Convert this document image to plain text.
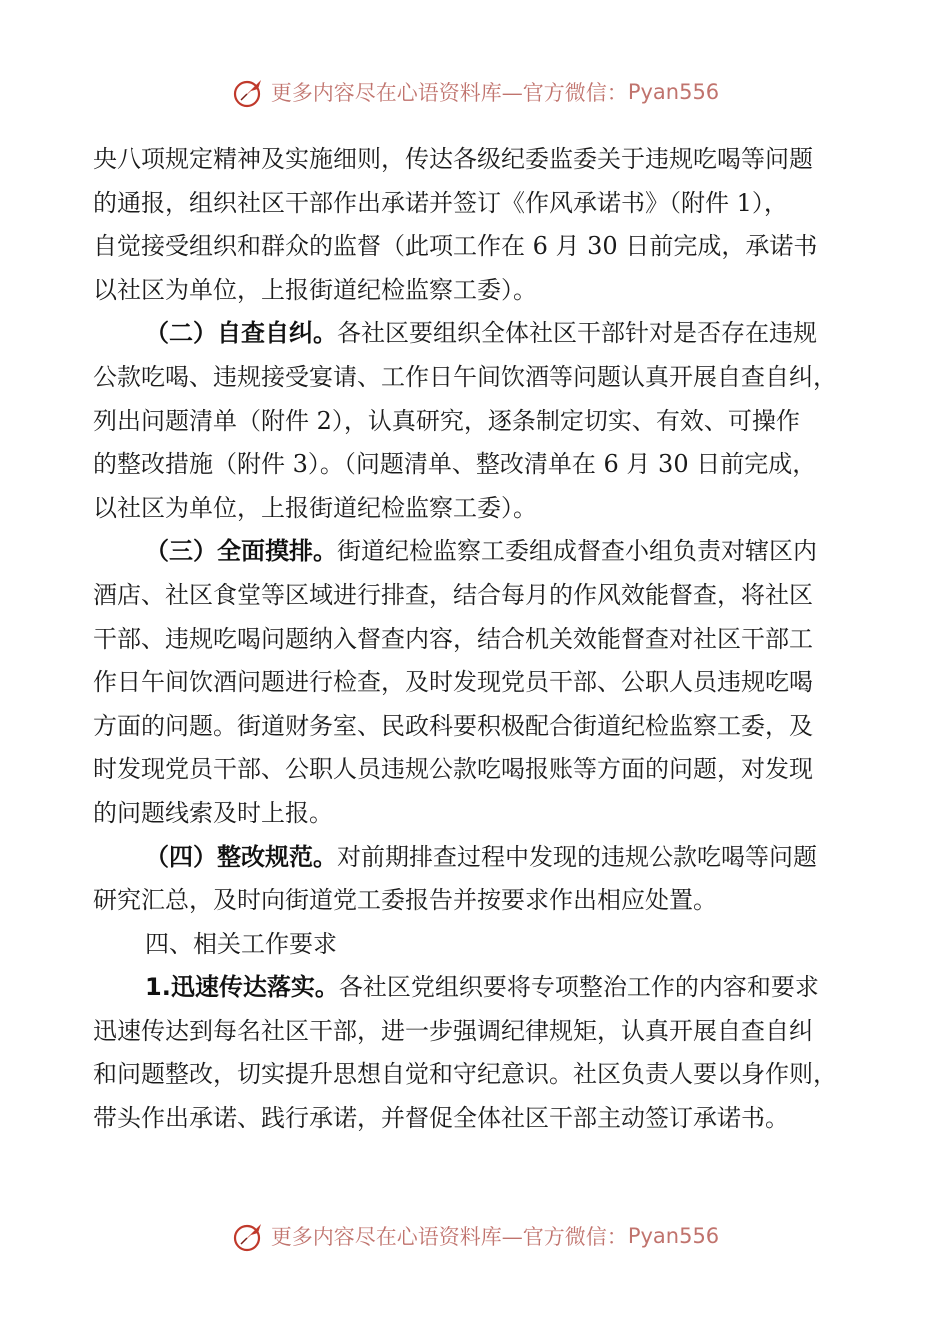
更多内容尽在心语资料库—官方微信： Pyan556
央八项规定精神及实施细则，传达各级纪委监委关于违规吃喝等问题
的通报，组织社区干部作出承诺并签订《作风承诺书》（附件 1），
自觉接受组织和群众的监督（此项工作在 6 月 30 日前完成，承诺书
以社区为单位，上报街道纪检监察工委）。
（二）自查自纠。各社区要组织全体社区干部针对是否存在违规
公款吃喝、违规接受宴请、工作日午间饮酒等问题认真开展自查自纠，
列出问题清单（附件 2），认真研究，逐条制定切实、有效、可操作
的整改措施（附件 3）。（问题清单、整改清单在 6 月 30 日前完成，
以社区为单位，上报街道纪检监察工委）。
（三）全面摸排。街道纪检监察工委组成督查小组负责对辖区内
酒店、社区食堂等区域进行排查，结合每月的作风效能督查，将社区
干部、违规吃喝问题纳入督查内容，结合机关效能督查对社区干部工
作日午间饮酒问题进行检查，及时发现党员干部、公职人员违规吃喝
方面的问题。街道财务室、民政科要积极配合街道纪检监察工委，及
时发现党员干部、公职人员违规公款吃喝报账等方面的问题，对发现
的问题线索及时上报。
（四）整改规范。对前期排查过程中发现的违规公款吃喝等问题
研究汇总，及时向街道党工委报告并按要求作出相应处置。
四、相关工作要求
1.迅速传达落实。各社区党组织要将专项整治工作的内容和要求
迅速传达到每名社区干部，进一步强调纪律规矩，认真开展自查自纠
和问题整改，切实提升思想自觉和守纪意识。社区负责人要以身作则，
带头作出承诺、践行承诺，并督促全体社区干部主动签订承诺书。
更多内容尽在心语资料库—官方微信： Pyan556
